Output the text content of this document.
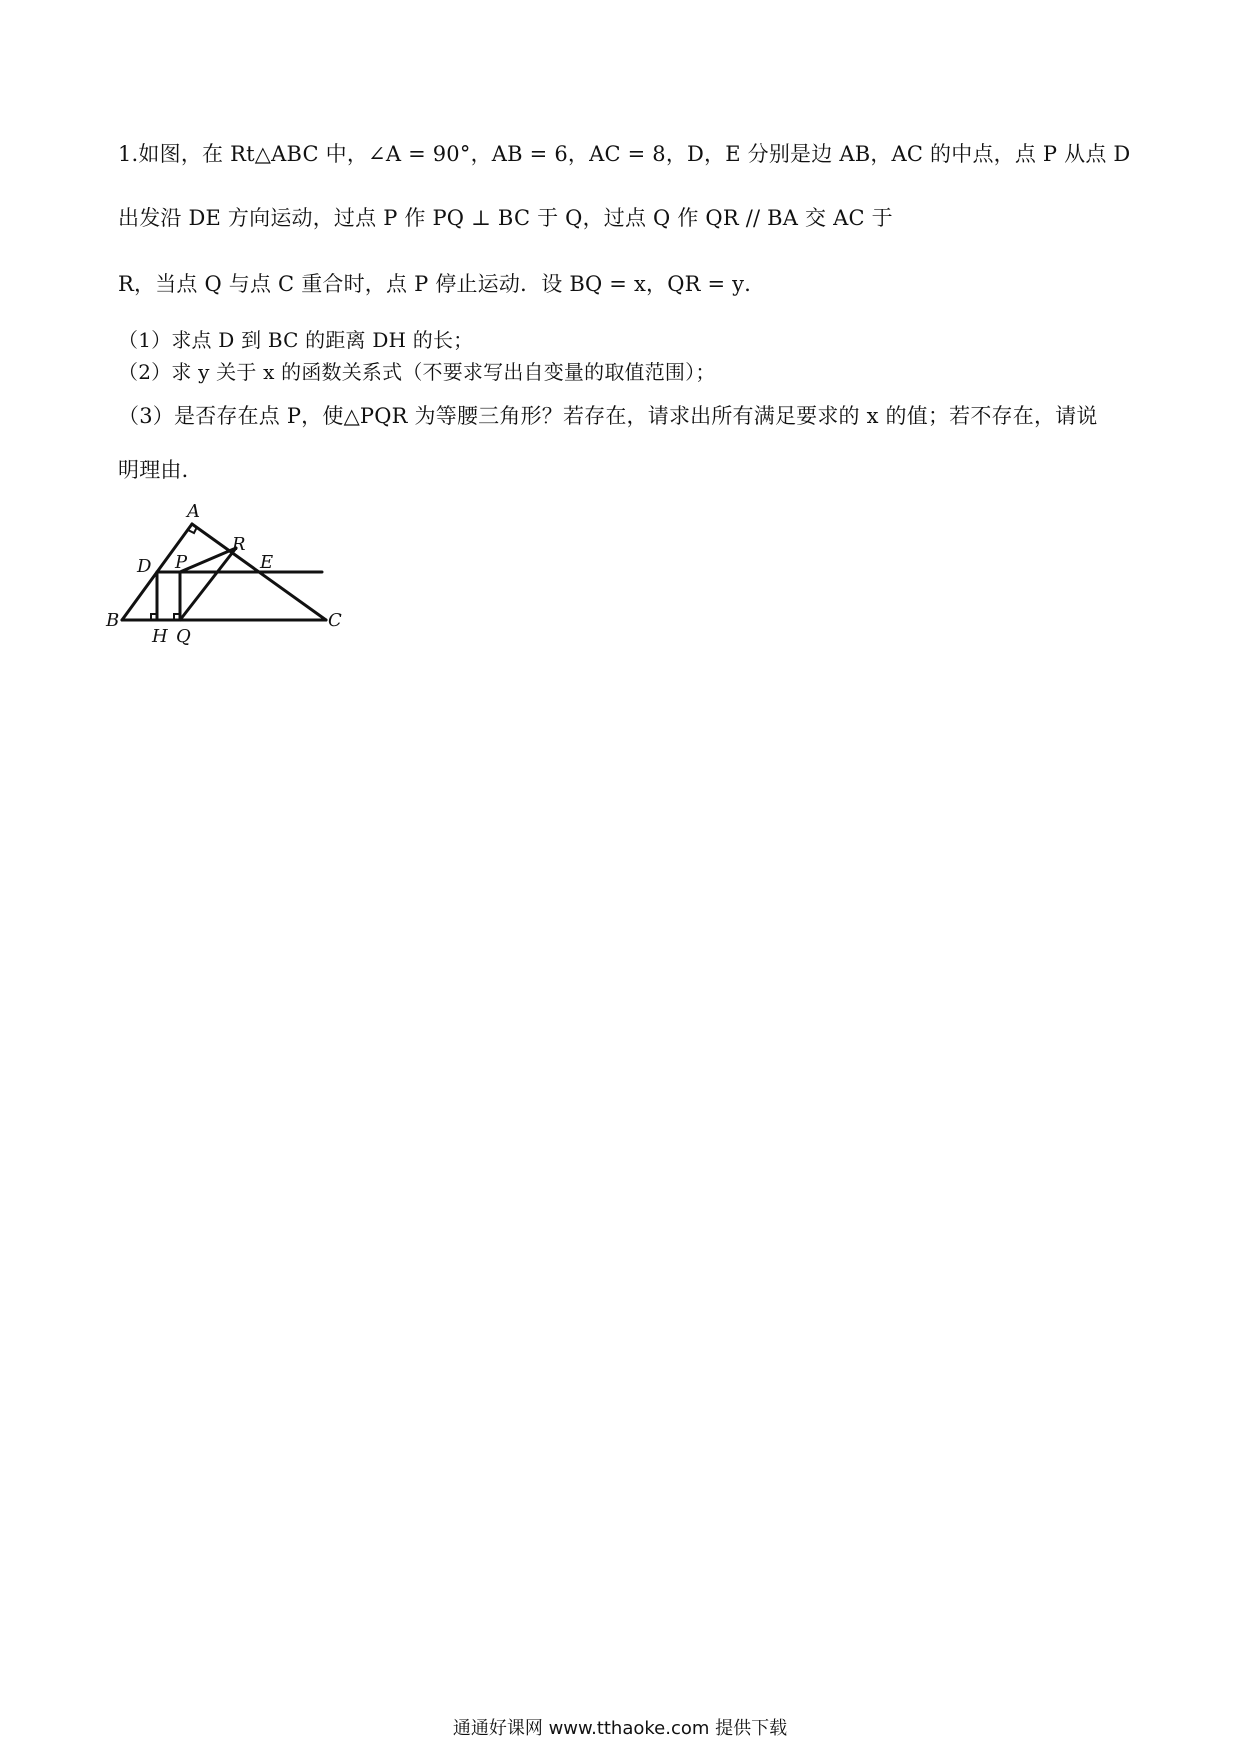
1.如图，在 Rt△ABC 中，∠A = 90°，AB = 6，AC = 8，D，E 分别是边 AB，AC 的中点，点 P 从点 D
出发沿 DE 方向运动，过点 P 作 PQ ⊥ BC 于 Q，过点 Q 作 QR // BA 交 AC 于
R，当点 Q 与点 C 重合时，点 P 停止运动．设 BQ = x，QR = y．
（1）求点 D 到 BC 的距离 DH 的长；
（2）求 y 关于 x 的函数关系式（不要求写出自变量的取值范围）；
（3）是否存在点 P，使△PQR 为等腰三角形？若存在，请求出所有满足要求的 x 的值；若不存在，请说
明理由．
A
D P
R
E
B	C
H Q
通通好课网 www.tthaoke.com 提供下载
